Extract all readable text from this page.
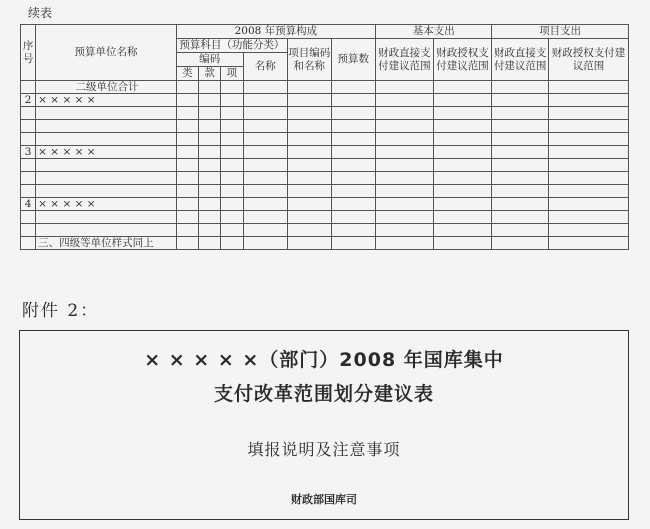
续表
序号	预算单位名称	2008 年预算构成						基本支出		项目支出	
		预算科目（功能分类）				项目编码和名称	预算数	财政直接支付建议范围	财政授权支付建议范围	财政直接支付建议范围	财政授权支付建议范围
		编码			名称						
		类	款	项							
	二级单位合计										
2	× × × × ×										

3	× × × × ×										

4	× × × × ×										

	三、四级等单位样式同上										
附件 2：
× × × × ×（部门）2008 年国库集中
支付改革范围划分建议表
填报说明及注意事项
财政部国库司
